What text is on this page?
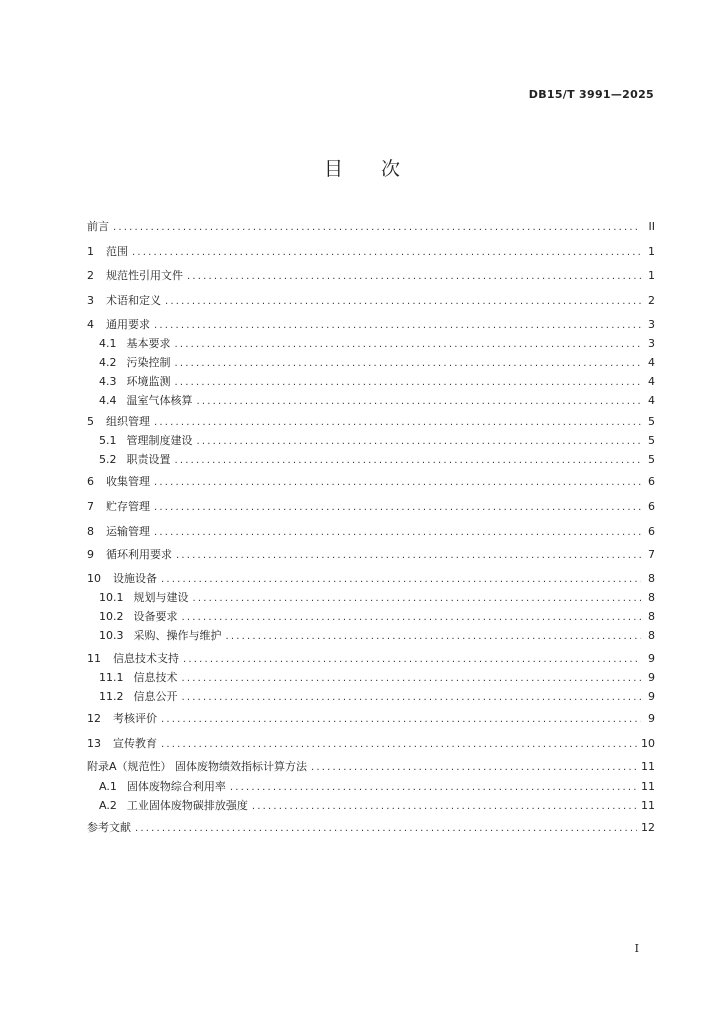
DB15/T 3991—2025
目 次
前言 .....	II
1 范围 .....	1
2 规范性引用文件 .....	1
3 术语和定义 .....	2
4 通用要求 .....	3
4.1 基本要求 .....	3
4.2 污染控制 .....	4
4.3 环境监测 .....	4
4.4 温室气体核算 .....	4
5 组织管理 .....	5
5.1 管理制度建设 .....	5
5.2 职责设置 .....	5
6 收集管理 .....	6
7 贮存管理 .....	6
8 运输管理 .....	6
9 循环利用要求 .....	7
10 设施设备 .....	8
10.1 规划与建设 .....	8
10.2 设备要求 .....	8
10.3 采购、操作与维护 .....	8
11 信息技术支持 .....	9
11.1 信息技术 .....	9
11.2 信息公开 .....	9
12 考核评价 .....	9
13 宣传教育 .....	10
附录A（规范性） 固体废物绩效指标计算方法 .....	11
A.1 固体废物综合利用率 .....	11
A.2 工业固体废物碳排放强度 .....	11
参考文献 .....	12
I
